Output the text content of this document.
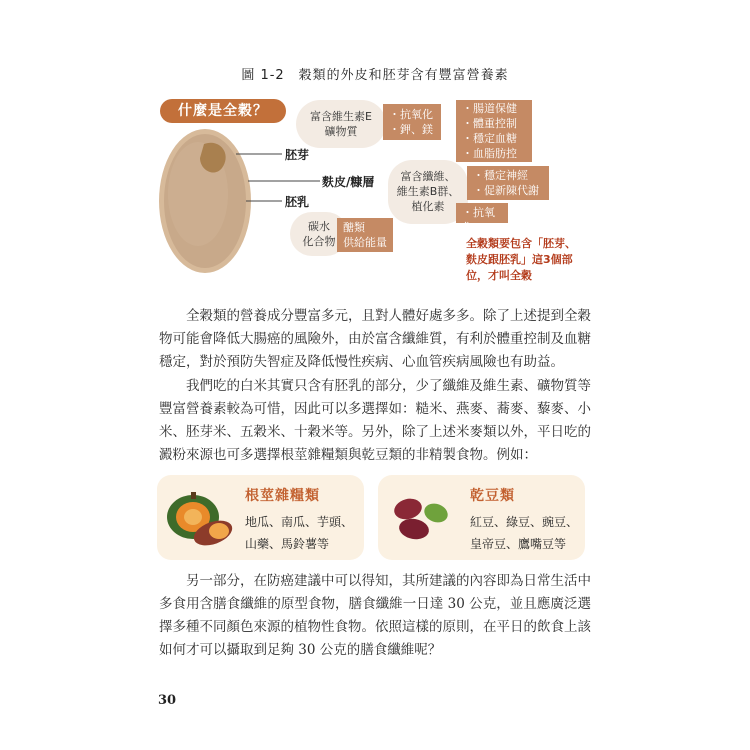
圖 1-2　穀類的外皮和胚芽含有豐富營養素
什麼是全穀？
胚芽
麩皮/糠層
胚乳
富含維生素E
礦物質
・抗氧化
・鉀、鎂
・腸道保健
・體重控制
・穩定血糖
・血脂肪控
富含纖維、
維生素B群、
植化素
・穩定神經
・促新陳代謝
・抗氧化
碳水
化合物
醣類
供給能量	全穀類要包含「胚芽、
麩皮跟胚乳」這3個部
位，才叫全穀

　　全穀類的營養成分豐富多元，且對人體好處多多。除了上述提到全穀物可能會降低大腸癌的風險外，由於富含纖維質，有利於體重控制及血糖穩定，對於預防失智症及降低慢性疾病、心血管疾病風險也有助益。

　　我們吃的白米其實只含有胚乳的部分，少了纖維及維生素、礦物質等豐富營養素較為可惜，因此可以多選擇如：糙米、燕麥、蕎麥、藜麥、小米、胚芽米、五穀米、十穀米等。另外，除了上述米麥類以外，平日吃的澱粉來源也可多選擇根莖雜糧類與乾豆類的非精製食物。例如：

根莖雜糧類
地瓜、南瓜、芋頭、
山藥、馬鈴薯等
乾豆類
紅豆、綠豆、豌豆、
皇帝豆、鷹嘴豆等

　　另一部分，在防癌建議中可以得知，其所建議的內容即為日常生活中多食用含膳食纖維的原型食物，膳食纖維一日達 30 公克，並且應廣泛選擇多種不同顏色來源的植物性食物。依照這樣的原則，在平日的飲食上該如何才可以攝取到足夠 30 公克的膳食纖維呢？

30
